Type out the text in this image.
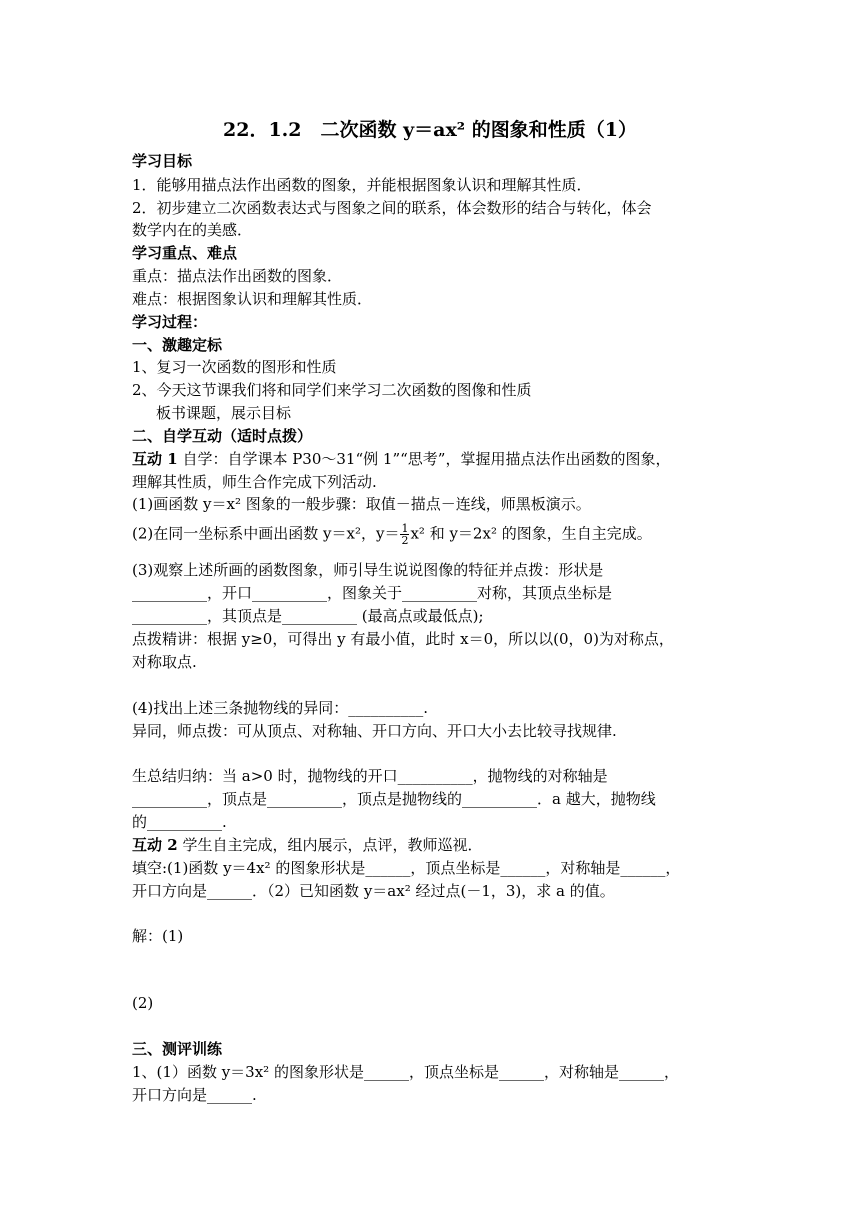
22．1.2　二次函数 y＝ax² 的图象和性质（1）
学习目标
1．能够用描点法作出函数的图象，并能根据图象认识和理解其性质．
2．初步建立二次函数表达式与图象之间的联系，体会数形的结合与转化，体会
数学内在的美感．
学习重点、难点
重点：描点法作出函数的图象．
难点：根据图象认识和理解其性质．
学习过程：
一、激趣定标
1、复习一次函数的图形和性质
2、今天这节课我们将和同学们来学习二次函数的图像和性质
板书课题，展示目标
二、自学互动（适时点拨）
互动 1 自学：自学课本 P30～31“例 1”“思考”，掌握用描点法作出函数的图象，
理解其性质，师生合作完成下列活动.
(1)画函数 y＝x² 图象的一般步骤：取值－描点－连线，师黑板演示。
(2)在同一坐标系中画出函数 y＝x²，$y= \frac{1}{2} x^2$ 和 y＝2x² 的图象，生自主完成。
(3)观察上述所画的函数图象，师引导生说说图像的特征并点拨：形状是
__________，开口__________，图象关于__________对称，其顶点坐标是
__________，其顶点是__________ (最高点或最低点);
点拨精讲：根据 y≥0，可得出 y 有最小值，此时 x＝0，所以以(0，0)为对称点，
对称取点.
(4)找出上述三条抛物线的异同：__________.
异同，师点拨：可从顶点、对称轴、开口方向、开口大小去比较寻找规律.
生总结归纳：当 a>0 时，抛物线的开口__________，抛物线的对称轴是
__________，顶点是__________，顶点是抛物线的__________．a 越大，抛物线
的__________.
互动 2 学生自主完成，组内展示，点评，教师巡视．
填空:(1)函数 y＝4x² 的图象形状是______，顶点坐标是______，对称轴是______，
开口方向是______．（2）已知函数 y＝ax² 经过点(－1，3)，求 a 的值。
解：(1)
(2)
三、测评训练
1、(1）函数 y＝3x² 的图象形状是______，顶点坐标是______，对称轴是______，
开口方向是______.
